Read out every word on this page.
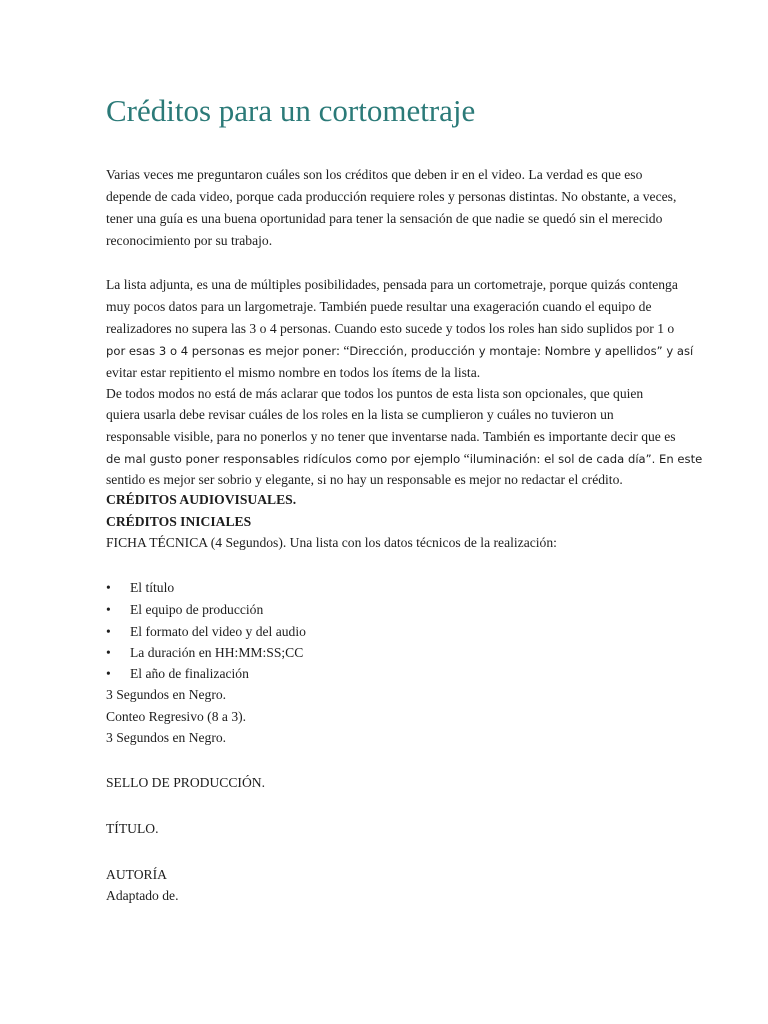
Créditos para un cortometraje

Varias veces me preguntaron cuáles son los créditos que deben ir en el video. La verdad es que eso

depende de cada video, porque cada producción requiere roles y personas distintas. No obstante, a veces,

tener una guía es una buena oportunidad para tener la sensación de que nadie se quedó sin el merecido

reconocimiento por su trabajo.

La lista adjunta, es una de múltiples posibilidades, pensada para un cortometraje, porque quizás contenga

muy pocos datos para un largometraje. También puede resultar una exageración cuando el equipo de

realizadores no supera las 3 o 4 personas. Cuando esto sucede y todos los roles han sido suplidos por 1 o

por esas 3 o 4 personas es mejor poner: “Dirección, producción y montaje: Nombre y apellidos” y así

evitar estar repitiento el mismo nombre en todos los ítems de la lista.

De todos modos no está de más aclarar que todos los puntos de esta lista son opcionales, que quien

quiera usarla debe revisar cuáles de los roles en la lista se cumplieron y cuáles no tuvieron un

responsable visible, para no ponerlos y no tener que inventarse nada. También es importante decir que es

de mal gusto poner responsables ridículos como por ejemplo “iluminación: el sol de cada día”. En este

sentido es mejor ser sobrio y elegante, si no hay un responsable es mejor no redactar el crédito.

CRÉDITOS AUDIOVISUALES.

CRÉDITOS INICIALES

FICHA TÉCNICA (4 Segundos). Una lista con los datos técnicos de la realización:

• El título
• El equipo de producción
• El formato del video y del audio
• La duración en HH:MM:SS;CC
• El año de finalización

3 Segundos en Negro.

Conteo Regresivo (8 a 3).

3 Segundos en Negro.

SELLO DE PRODUCCIÓN.

TÍTULO.

AUTORÍA

Adaptado de.
